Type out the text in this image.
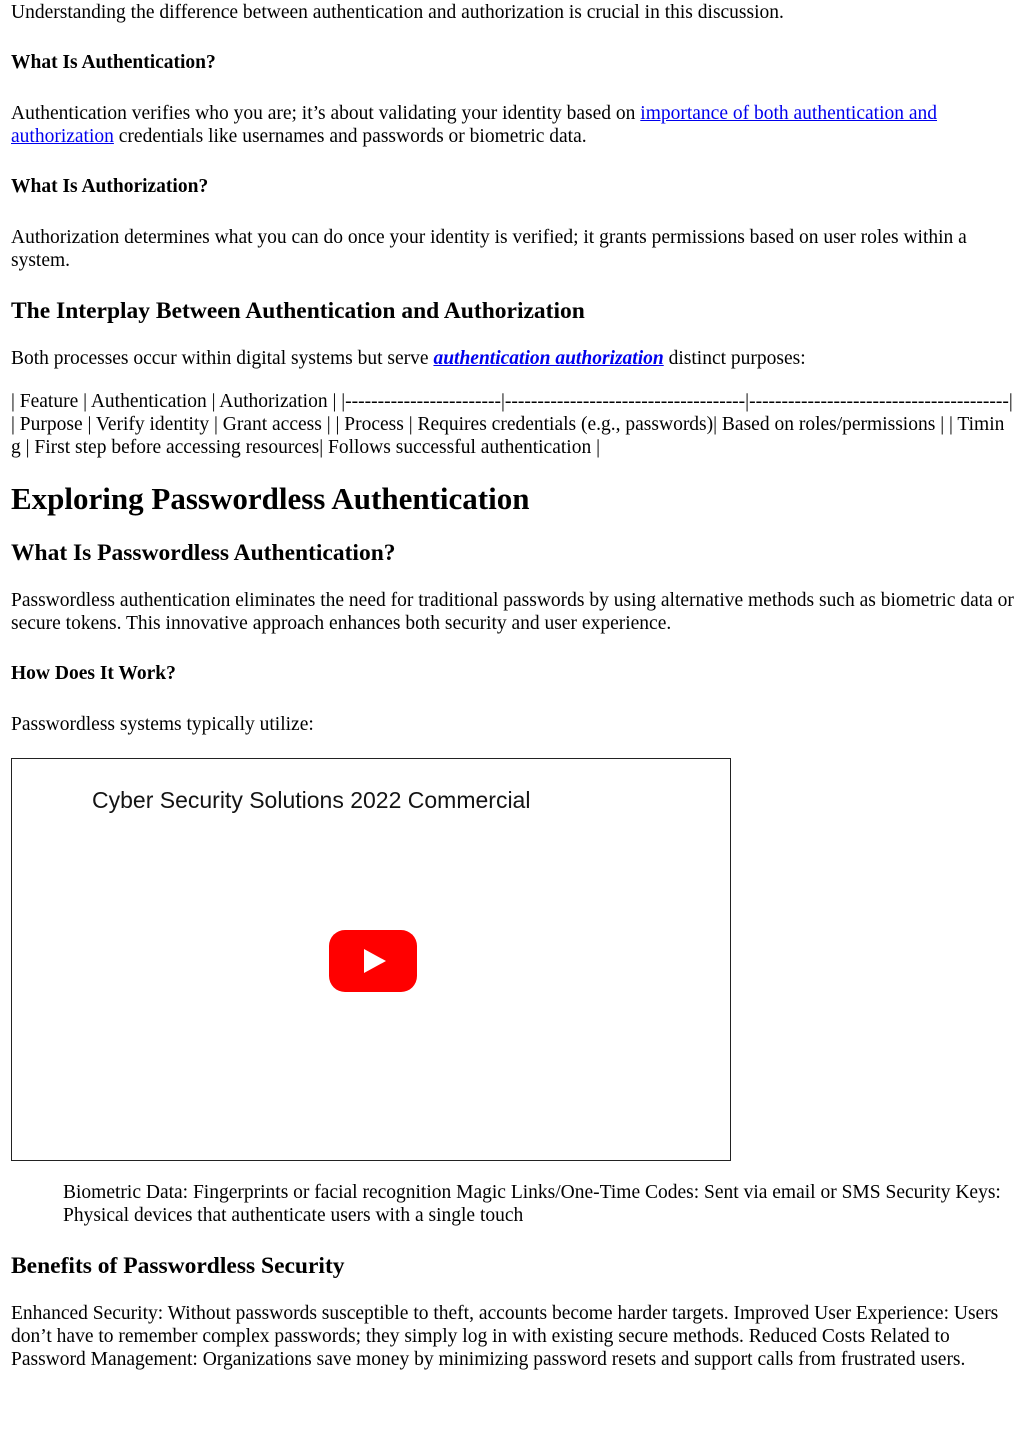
Understanding the difference between authentication and authorization is crucial in this discussion.

What Is Authentication?

Authentication verifies who you are; it’s about validating your identity based on importance of both authentication and authorization credentials like usernames and passwords or biometric data.

What Is Authorization?

Authorization determines what you can do once your identity is verified; it grants permissions based on user roles within a system.

The Interplay Between Authentication and Authorization

Both processes occur within digital systems but serve authentication authorization distinct purposes:

| Feature | Authentication | Authorization | |------------------------|-------------------------------------|----------------------------------------| | Purpose | Verify identity | Grant access | | Process | Requires credentials (e.g., passwords)| Based on roles/permissions | | Timing | First step before accessing resources| Follows successful authentication |

Exploring Passwordless Authentication

What Is Passwordless Authentication?

Passwordless authentication eliminates the need for traditional passwords by using alternative methods such as biometric data or secure tokens. This innovative approach enhances both security and user experience.

How Does It Work?

Passwordless systems typically utilize:

Cyber Security Solutions 2022 Commercial

Biometric Data: Fingerprints or facial recognition Magic Links/One-Time Codes: Sent via email or SMS Security Keys: Physical devices that authenticate users with a single touch

Benefits of Passwordless Security

Enhanced Security: Without passwords susceptible to theft, accounts become harder targets. Improved User Experience: Users don’t have to remember complex passwords; they simply log in with existing secure methods. Reduced Costs Related to Password Management: Organizations save money by minimizing password resets and support calls from frustrated users.
